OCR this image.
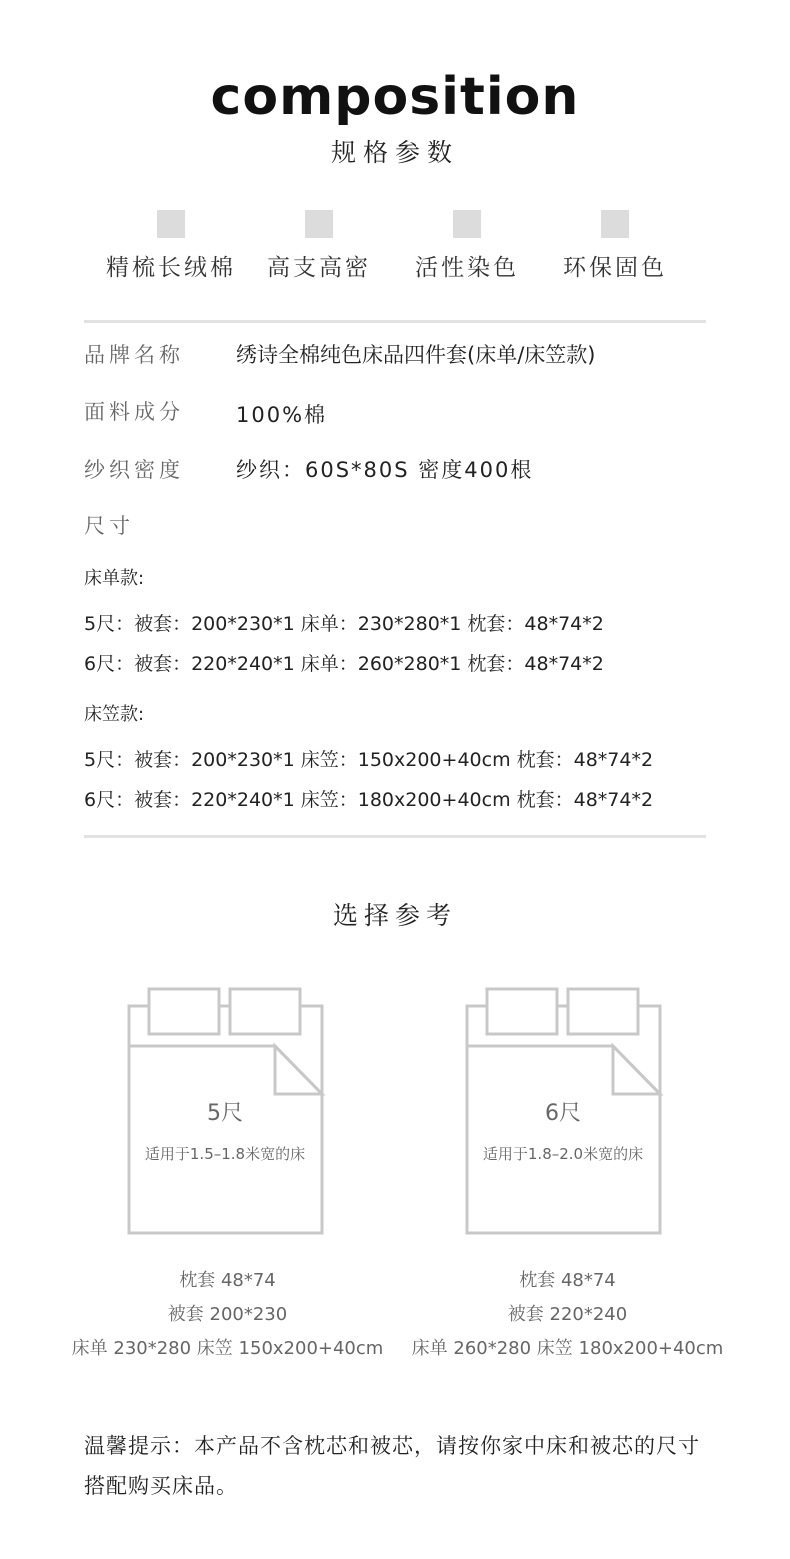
composition
规格参数
精梳长绒棉	高支高密	活性染色	环保固色
品牌名称 绣诗全棉纯色床品四件套(床单/床笠款)
面料成分 100%棉
纱织密度 纱织：60S*80S 密度400根
尺寸
床单款:
5尺：被套：200*230*1 床单：230*280*1 枕套：48*74*2
6尺：被套：220*240*1 床单：260*280*1 枕套：48*74*2
床笠款:
5尺：被套：200*230*1 床笠：150x200+40cm 枕套：48*74*2
6尺：被套：220*240*1 床笠：180x200+40cm 枕套：48*74*2
选择参考
5尺
适用于1.5–1.8米宽的床
6尺
适用于1.8–2.0米宽的床
枕套 48*74
被套 200*230
床单 230*280 床笠 150x200+40cm
枕套 48*74
被套 220*240
床单 260*280 床笠 180x200+40cm
温馨提示：本产品不含枕芯和被芯，请按你家中床和被芯的尺寸搭配购买床品。
